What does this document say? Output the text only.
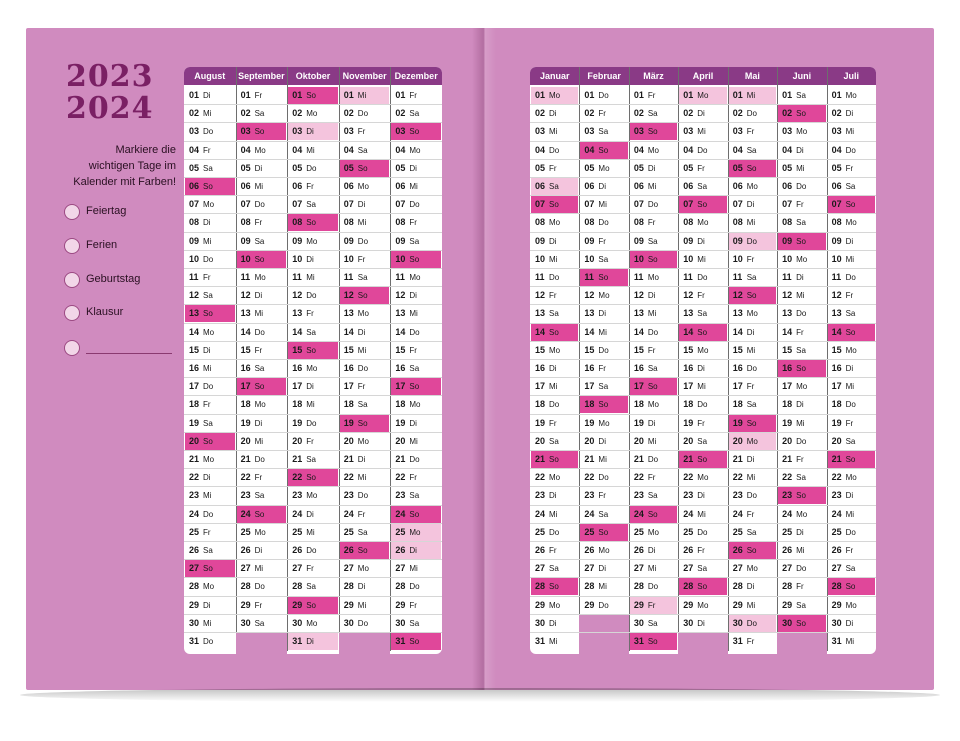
2023
2024
Markiere die
wichtigen Tage im
Kalender mit Farben!
Feiertag
Ferien
Geburtstag
Klausur
August
01 Di
02 Mi
03 Do
04 Fr
05 Sa
06 So
07 Mo
08 Di
09 Mi
10 Do
11 Fr
12 Sa
13 So
14 Mo
15 Di
16 Mi
17 Do
18 Fr
19 Sa
20 So
21 Mo
22 Di
23 Mi
24 Do
25 Fr
26 Sa
27 So
28 Mo
29 Di
30 Mi
31 Do
September
01 Fr
02 Sa
03 So
04 Mo
05 Di
06 Mi
07 Do
08 Fr
09 Sa
10 So
11 Mo
12 Di
13 Mi
14 Do
15 Fr
16 Sa
17 So
18 Mo
19 Di
20 Mi
21 Do
22 Fr
23 Sa
24 So
25 Mo
26 Di
27 Mi
28 Do
29 Fr
30 Sa
Oktober
01 So
02 Mo
03 Di
04 Mi
05 Do
06 Fr
07 Sa
08 So
09 Mo
10 Di
11 Mi
12 Do
13 Fr
14 Sa
15 So
16 Mo
17 Di
18 Mi
19 Do
20 Fr
21 Sa
22 So
23 Mo
24 Di
25 Mi
26 Do
27 Fr
28 Sa
29 So
30 Mo
31 Di
November
01 Mi
02 Do
03 Fr
04 Sa
05 So
06 Mo
07 Di
08 Mi
09 Do
10 Fr
11 Sa
12 So
13 Mo
14 Di
15 Mi
16 Do
17 Fr
18 Sa
19 So
20 Mo
21 Di
22 Mi
23 Do
24 Fr
25 Sa
26 So
27 Mo
28 Di
29 Mi
30 Do
Dezember
01 Fr
02 Sa
03 So
04 Mo
05 Di
06 Mi
07 Do
08 Fr
09 Sa
10 So
11 Mo
12 Di
13 Mi
14 Do
15 Fr
16 Sa
17 So
18 Mo
19 Di
20 Mi
21 Do
22 Fr
23 Sa
24 So
25 Mo
26 Di
27 Mi
28 Do
29 Fr
30 Sa
31 So
Januar
01 Mo
02 Di
03 Mi
04 Do
05 Fr
06 Sa
07 So
08 Mo
09 Di
10 Mi
11 Do
12 Fr
13 Sa
14 So
15 Mo
16 Di
17 Mi
18 Do
19 Fr
20 Sa
21 So
22 Mo
23 Di
24 Mi
25 Do
26 Fr
27 Sa
28 So
29 Mo
30 Di
31 Mi
Februar
01 Do
02 Fr
03 Sa
04 So
05 Mo
06 Di
07 Mi
08 Do
09 Fr
10 Sa
11 So
12 Mo
13 Di
14 Mi
15 Do
16 Fr
17 Sa
18 So
19 Mo
20 Di
21 Mi
22 Do
23 Fr
24 Sa
25 So
26 Mo
27 Di
28 Mi
29 Do
März
01 Fr
02 Sa
03 So
04 Mo
05 Di
06 Mi
07 Do
08 Fr
09 Sa
10 So
11 Mo
12 Di
13 Mi
14 Do
15 Fr
16 Sa
17 So
18 Mo
19 Di
20 Mi
21 Do
22 Fr
23 Sa
24 So
25 Mo
26 Di
27 Mi
28 Do
29 Fr
30 Sa
31 So
April
01 Mo
02 Di
03 Mi
04 Do
05 Fr
06 Sa
07 So
08 Mo
09 Di
10 Mi
11 Do
12 Fr
13 Sa
14 So
15 Mo
16 Di
17 Mi
18 Do
19 Fr
20 Sa
21 So
22 Mo
23 Di
24 Mi
25 Do
26 Fr
27 Sa
28 So
29 Mo
30 Di
Mai
01 Mi
02 Do
03 Fr
04 Sa
05 So
06 Mo
07 Di
08 Mi
09 Do
10 Fr
11 Sa
12 So
13 Mo
14 Di
15 Mi
16 Do
17 Fr
18 Sa
19 So
20 Mo
21 Di
22 Mi
23 Do
24 Fr
25 Sa
26 So
27 Mo
28 Di
29 Mi
30 Do
31 Fr
Juni
01 Sa
02 So
03 Mo
04 Di
05 Mi
06 Do
07 Fr
08 Sa
09 So
10 Mo
11 Di
12 Mi
13 Do
14 Fr
15 Sa
16 So
17 Mo
18 Di
19 Mi
20 Do
21 Fr
22 Sa
23 So
24 Mo
25 Di
26 Mi
27 Do
28 Fr
29 Sa
30 So
Juli
01 Mo
02 Di
03 Mi
04 Do
05 Fr
06 Sa
07 So
08 Mo
09 Di
10 Mi
11 Do
12 Fr
13 Sa
14 So
15 Mo
16 Di
17 Mi
18 Do
19 Fr
20 Sa
21 So
22 Mo
23 Di
24 Mi
25 Do
26 Fr
27 Sa
28 So
29 Mo
30 Di
31 Mi
